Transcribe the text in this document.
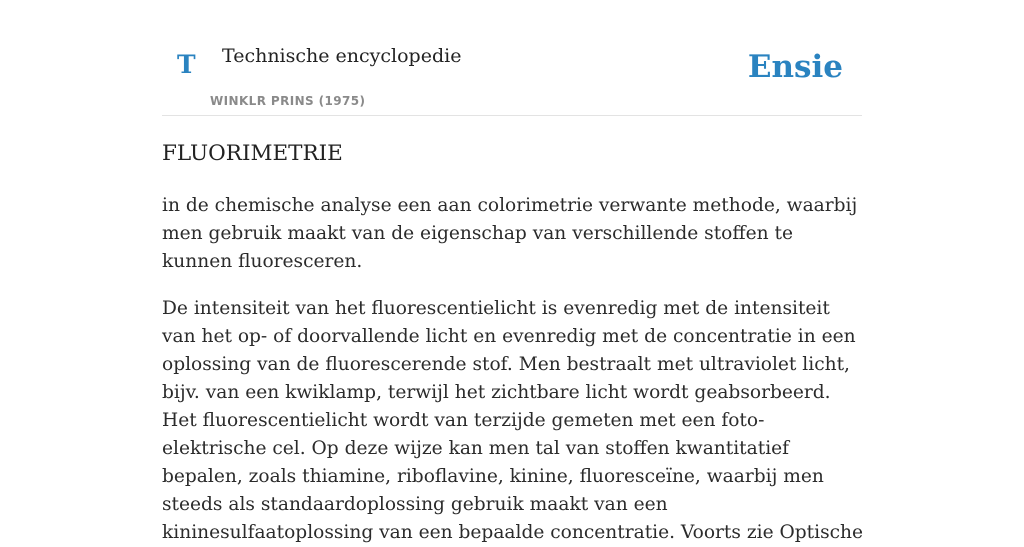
T Technische encyclopedie
WINKLR PRINS (1975)
Ensie
FLUORIMETRIE

in de chemische analyse een aan colorimetrie verwante methode, waarbij men gebruik maakt van de eigenschap van verschillende stoffen te kunnen fluoresceren.

De intensiteit van het fluorescentielicht is evenredig met de intensiteit van het op- of doorvallende licht en evenredig met de concentratie in een oplossing van de fluorescerende stof. Men bestraalt met ultraviolet licht, bijv. van een kwiklamp, terwijl het zichtbare licht wordt geabsorbeerd. Het fluorescentielicht wordt van terzijde gemeten met een foto-elektrische cel. Op deze wijze kan men tal van stoffen kwantitatief bepalen, zoals thiamine, riboflavine, kinine, fluoresceïne, waarbij men steeds als standaardoplossing gebruik maakt van een kininesulfaatoplossing van een bepaalde concentratie. Voorts zie Optische
